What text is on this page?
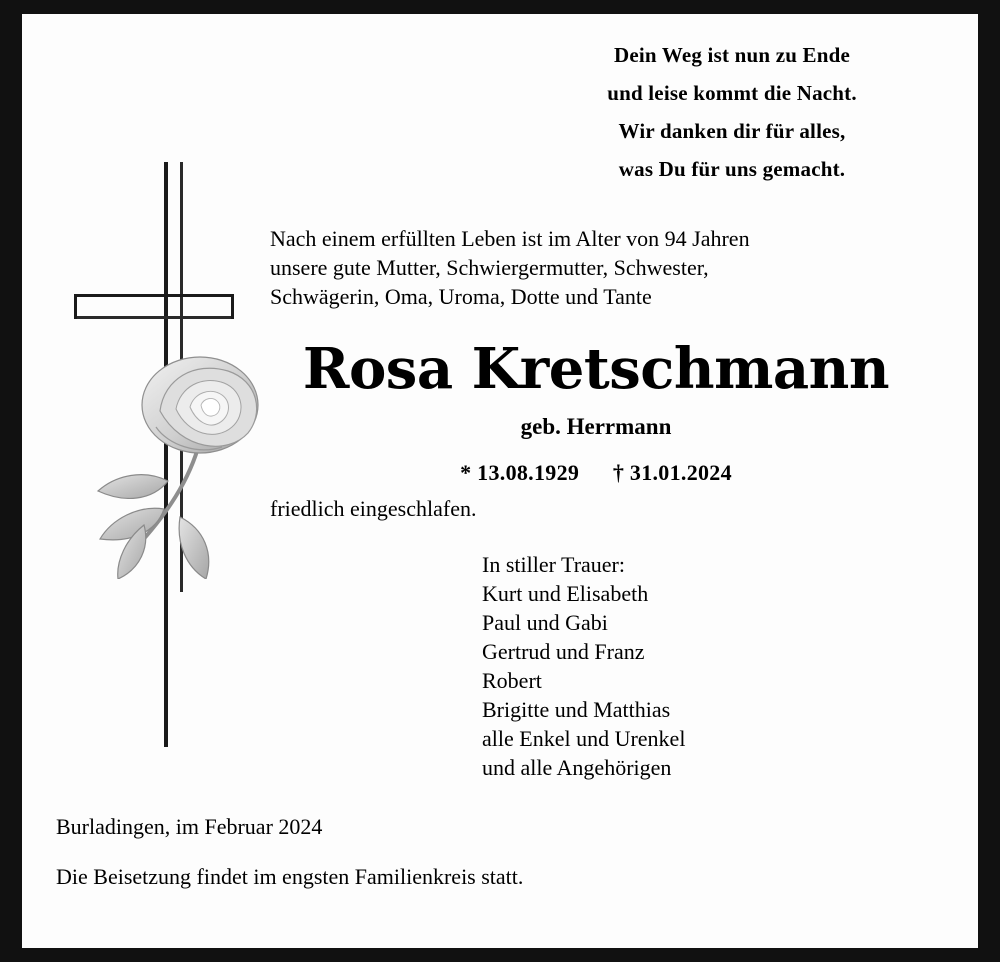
Dein Weg ist nun zu Ende
und leise kommt die Nacht.
Wir danken dir für alles,
was Du für uns gemacht.
Nach einem erfüllten Leben ist im Alter von 94 Jahren
unsere gute Mutter, Schwiergermutter, Schwester,
Schwägerin, Oma, Uroma, Dotte und Tante
Rosa Kretschmann
geb. Herrmann
* 13.08.1929 † 31.01.2024
friedlich eingeschlafen.
In stiller Trauer:
Kurt und Elisabeth
Paul und Gabi
Gertrud und Franz
Robert
Brigitte und Matthias
alle Enkel und Urenkel
und alle Angehörigen
Burladingen, im Februar 2024
Die Beisetzung findet im engsten Familienkreis statt.
